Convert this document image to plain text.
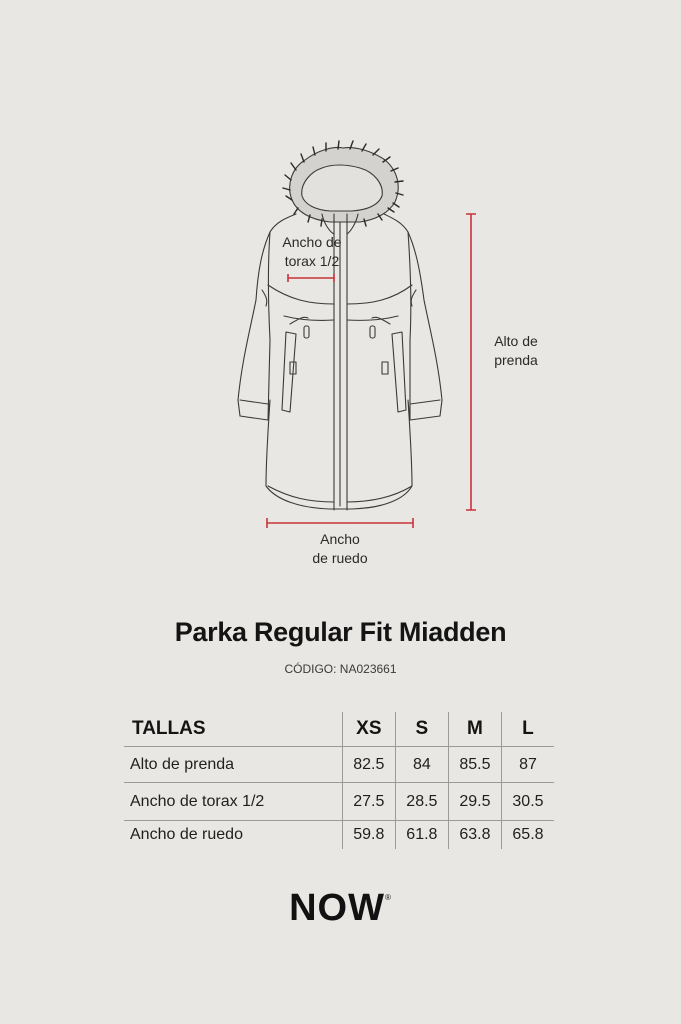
Ancho de
torax 1/2
Alto de
prenda
Ancho
de ruedo
Parka Regular Fit Miadden
CÓDIGO: NA023661
TALLAS	XS	S	M	L
Alto de prenda	82.5	84	85.5	87
Ancho de torax 1/2	27.5	28.5	29.5	30.5
Ancho de ruedo	59.8	61.8	63.8	65.8
NOW®
